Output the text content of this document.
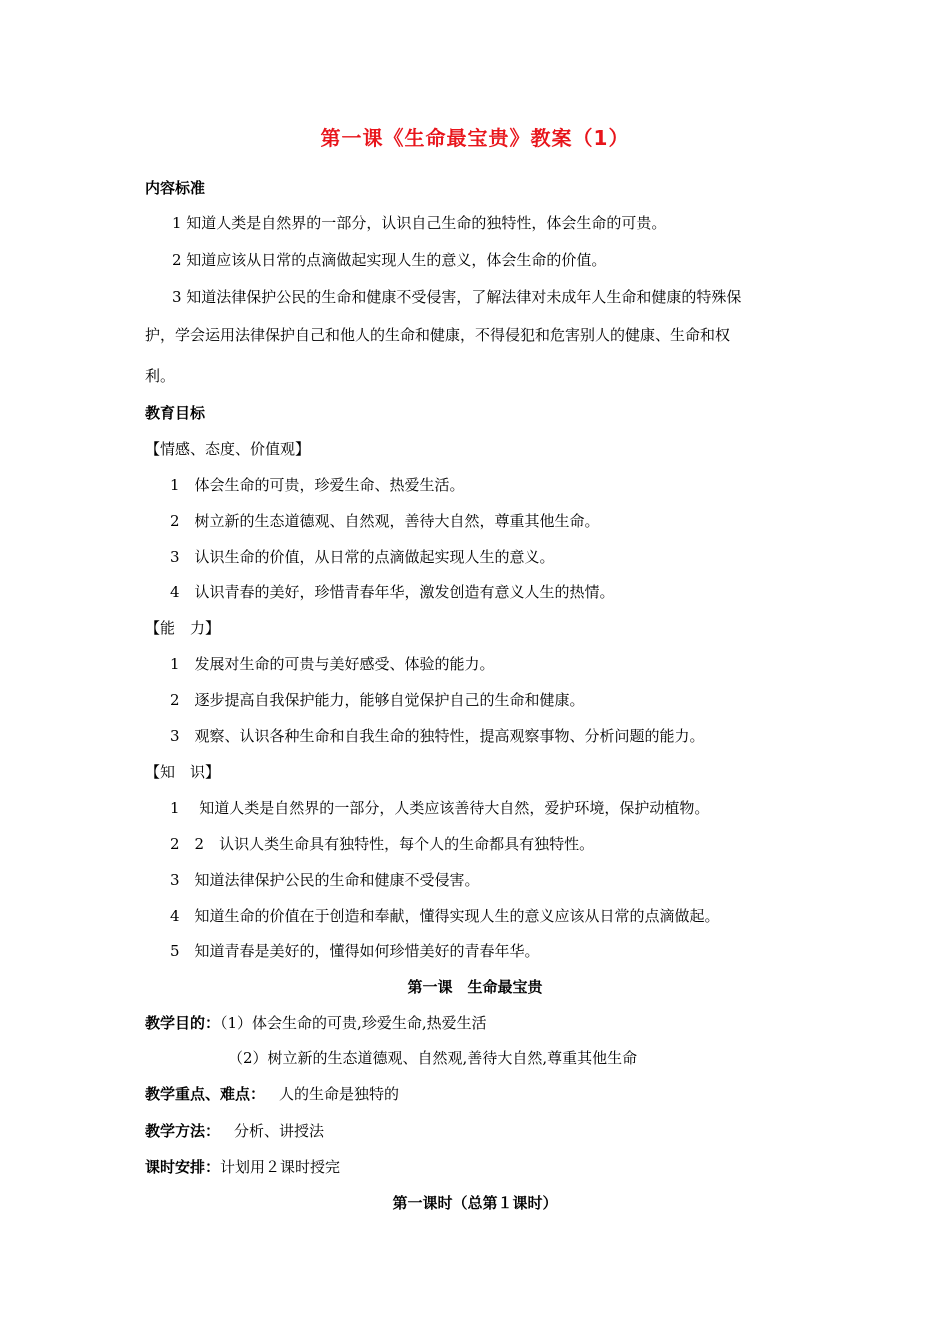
第一课《生命最宝贵》教案（1）
内容标准
1 知道人类是自然界的一部分，认识自己生命的独特性，体会生命的可贵。
2 知道应该从日常的点滴做起实现人生的意义，体会生命的价值。
3 知道法律保护公民的生命和健康不受侵害，了解法律对未成年人生命和健康的特殊保
护，学会运用法律保护自己和他人的生命和健康，不得侵犯和危害别人的健康、生命和权
利。
教育目标
【情感、态度、价值观】
1　体会生命的可贵，珍爱生命、热爱生活。
2　树立新的生态道德观、自然观，善待大自然，尊重其他生命。
3　认识生命的价值，从日常的点滴做起实现人生的意义。
4　认识青春的美好，珍惜青春年华，激发创造有意义人生的热情。
【能　力】
1　发展对生命的可贵与美好感受、体验的能力。
2　逐步提高自我保护能力，能够自觉保护自己的生命和健康。
3　观察、认识各种生命和自我生命的独特性，提高观察事物、分析问题的能力。
【知　识】
1　 知道人类是自然界的一部分，人类应该善待大自然，爱护环境，保护动植物。
2　2　认识人类生命具有独特性，每个人的生命都具有独特性。
3　知道法律保护公民的生命和健康不受侵害。
4　知道生命的价值在于创造和奉献，懂得实现人生的意义应该从日常的点滴做起。
5　知道青春是美好的，懂得如何珍惜美好的青春年华。
第一课　生命最宝贵
教学目的：（1）体会生命的可贵,珍爱生命,热爱生活
（2）树立新的生态道德观、自然观,善待大自然,尊重其他生命
教学重点、难点： 人的生命是独特的
教学方法： 分析、讲授法
课时安排：计划用２课时授完
第一课时（总第１课时）
